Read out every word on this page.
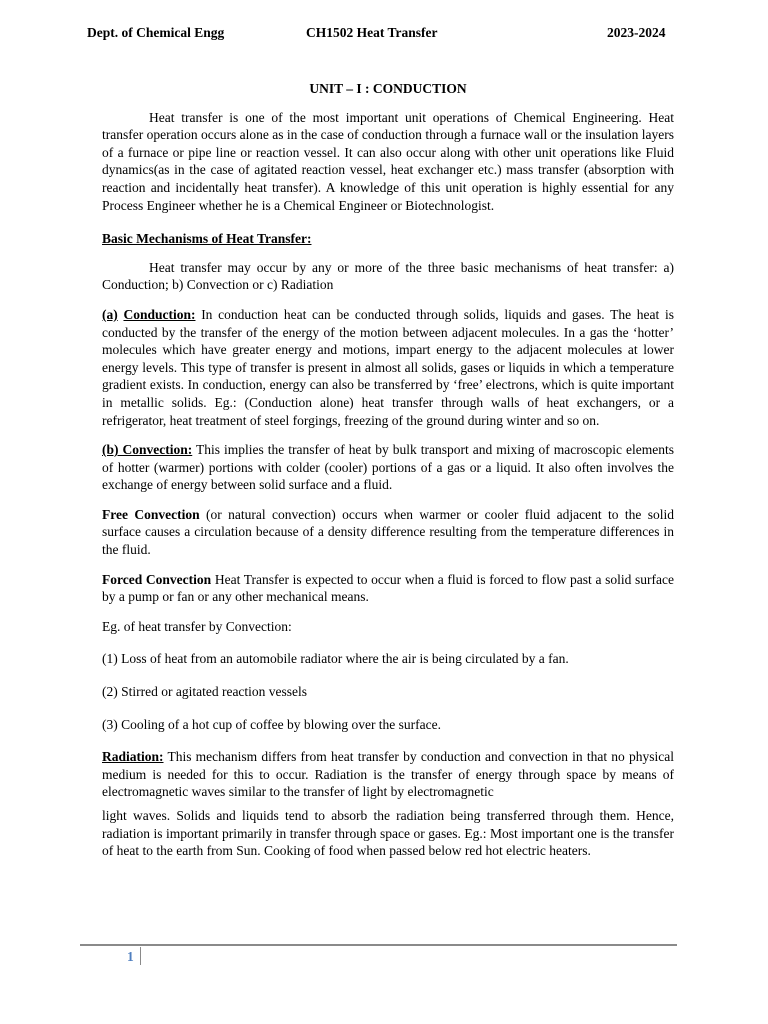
Dept. of Chemical Engg	CH1502 Heat Transfer	2023-2024
UNIT – I : CONDUCTION

Heat transfer is one of the most important unit operations of Chemical Engineering. Heat transfer operation occurs alone as in the case of conduction through a furnace wall or the insulation layers of a furnace or pipe line or reaction vessel. It can also occur along with other unit operations like Fluid dynamics(as in the case of agitated reaction vessel, heat exchanger etc.) mass transfer (absorption with reaction and incidentally heat transfer). A knowledge of this unit operation is highly essential for any Process Engineer whether he is a Chemical Engineer or Biotechnologist.

Basic Mechanisms of Heat Transfer:

Heat transfer may occur by any or more of the three basic mechanisms of heat transfer: a) Conduction; b) Convection or c) Radiation

(a) Conduction: In conduction heat can be conducted through solids, liquids and gases. The heat is conducted by the transfer of the energy of the motion between adjacent molecules. In a gas the ‘hotter’ molecules which have greater energy and motions, impart energy to the adjacent molecules at lower energy levels. This type of transfer is present in almost all solids, gases or liquids in which a temperature gradient exists. In conduction, energy can also be transferred by ‘free’ electrons, which is quite important in metallic solids. Eg.: (Conduction alone) heat transfer through walls of heat exchangers, or a refrigerator, heat treatment of steel forgings, freezing of the ground during winter and so on.

(b) Convection: This implies the transfer of heat by bulk transport and mixing of macroscopic elements of hotter (warmer) portions with colder (cooler) portions of a gas or a liquid. It also often involves the exchange of energy between solid surface and a fluid.

Free Convection (or natural convection) occurs when warmer or cooler fluid adjacent to the solid surface causes a circulation because of a density difference resulting from the temperature differences in the fluid.

Forced Convection Heat Transfer is expected to occur when a fluid is forced to flow past a solid surface by a pump or fan or any other mechanical means.

Eg. of heat transfer by Convection:

(1) Loss of heat from an automobile radiator where the air is being circulated by a fan.

(2) Stirred or agitated reaction vessels

(3) Cooling of a hot cup of coffee by blowing over the surface.

Radiation: This mechanism differs from heat transfer by conduction and convection in that no physical medium is needed for this to occur. Radiation is the transfer of energy through space by means of electromagnetic waves similar to the transfer of light by electromagnetic

light waves. Solids and liquids tend to absorb the radiation being transferred through them. Hence, radiation is important primarily in transfer through space or gases. Eg.: Most important one is the transfer of heat to the earth from Sun. Cooking of food when passed below red hot electric heaters.

1
